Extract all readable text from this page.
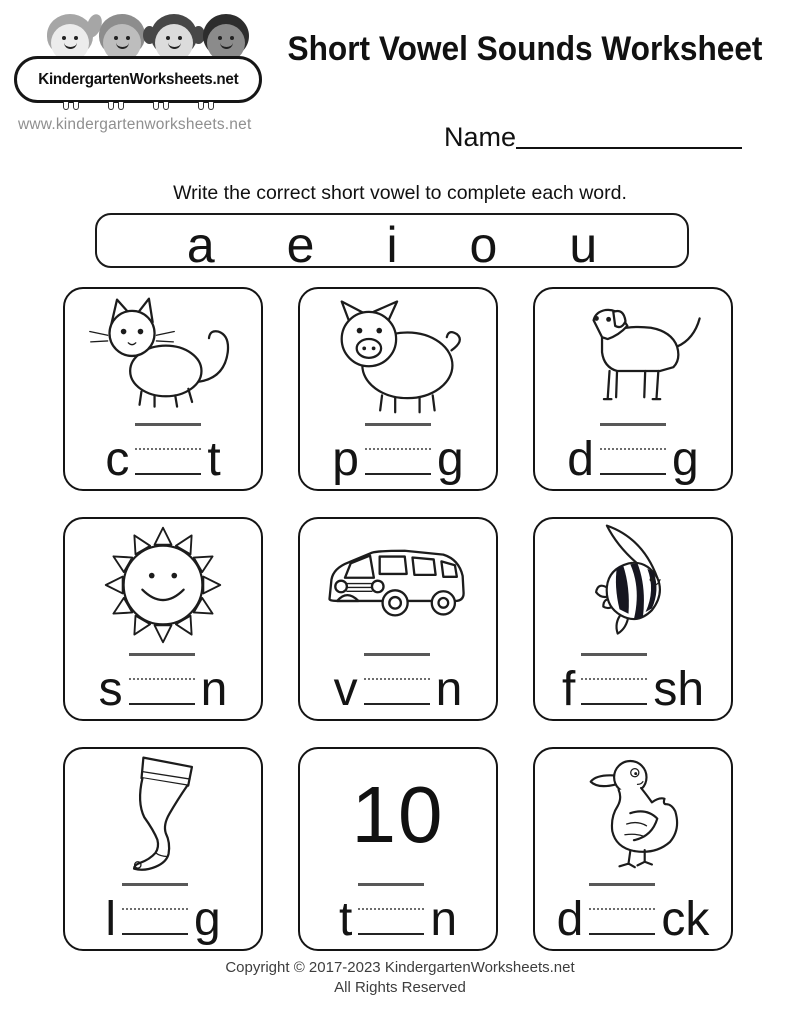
KindergartenWorksheets.net
www.kindergartenworksheets.net
Short Vowel Sounds Worksheet
Name
Write the correct short vowel to complete each word.
a e i o u
c t p g d g
s n v n f sh
l g
10
t n d ck
Copyright © 2017-2023 KindergartenWorksheets.net
All Rights Reserved
